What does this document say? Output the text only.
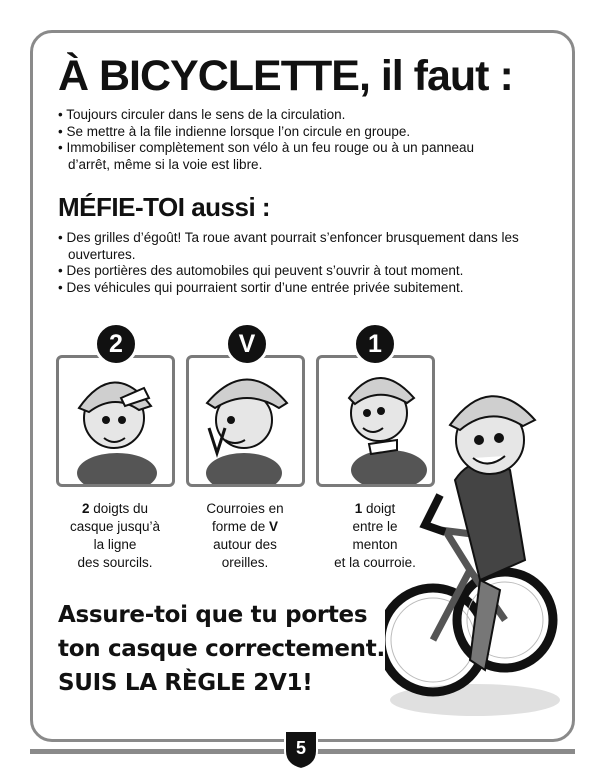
À BICYCLETTE, il faut :
• Toujours circuler dans le sens de la circulation.
• Se mettre à la file indienne lorsque l’on circule en groupe.
• Immobiliser complètement son vélo à un feu rouge ou à un panneau d’arrêt, même si la voie est libre.
MÉFIE-TOI aussi :
• Des grilles d’égoût! Ta roue avant pourrait s’enfoncer brusquement dans les ouvertures.
• Des portières des automobiles qui peuvent s’ouvrir à tout moment.
• Des véhicules qui pourraient sortir d’une entrée privée subitement.
2	V	1
2 doigts du
casque jusqu’à
la ligne
des sourcils.
Courroies en
forme de V
autour des
oreilles.
1 doigt
entre le
menton
et la courroie.
Assure-toi que tu portes
ton casque correctement.
SUIS LA RÈGLE 2V1!
5
